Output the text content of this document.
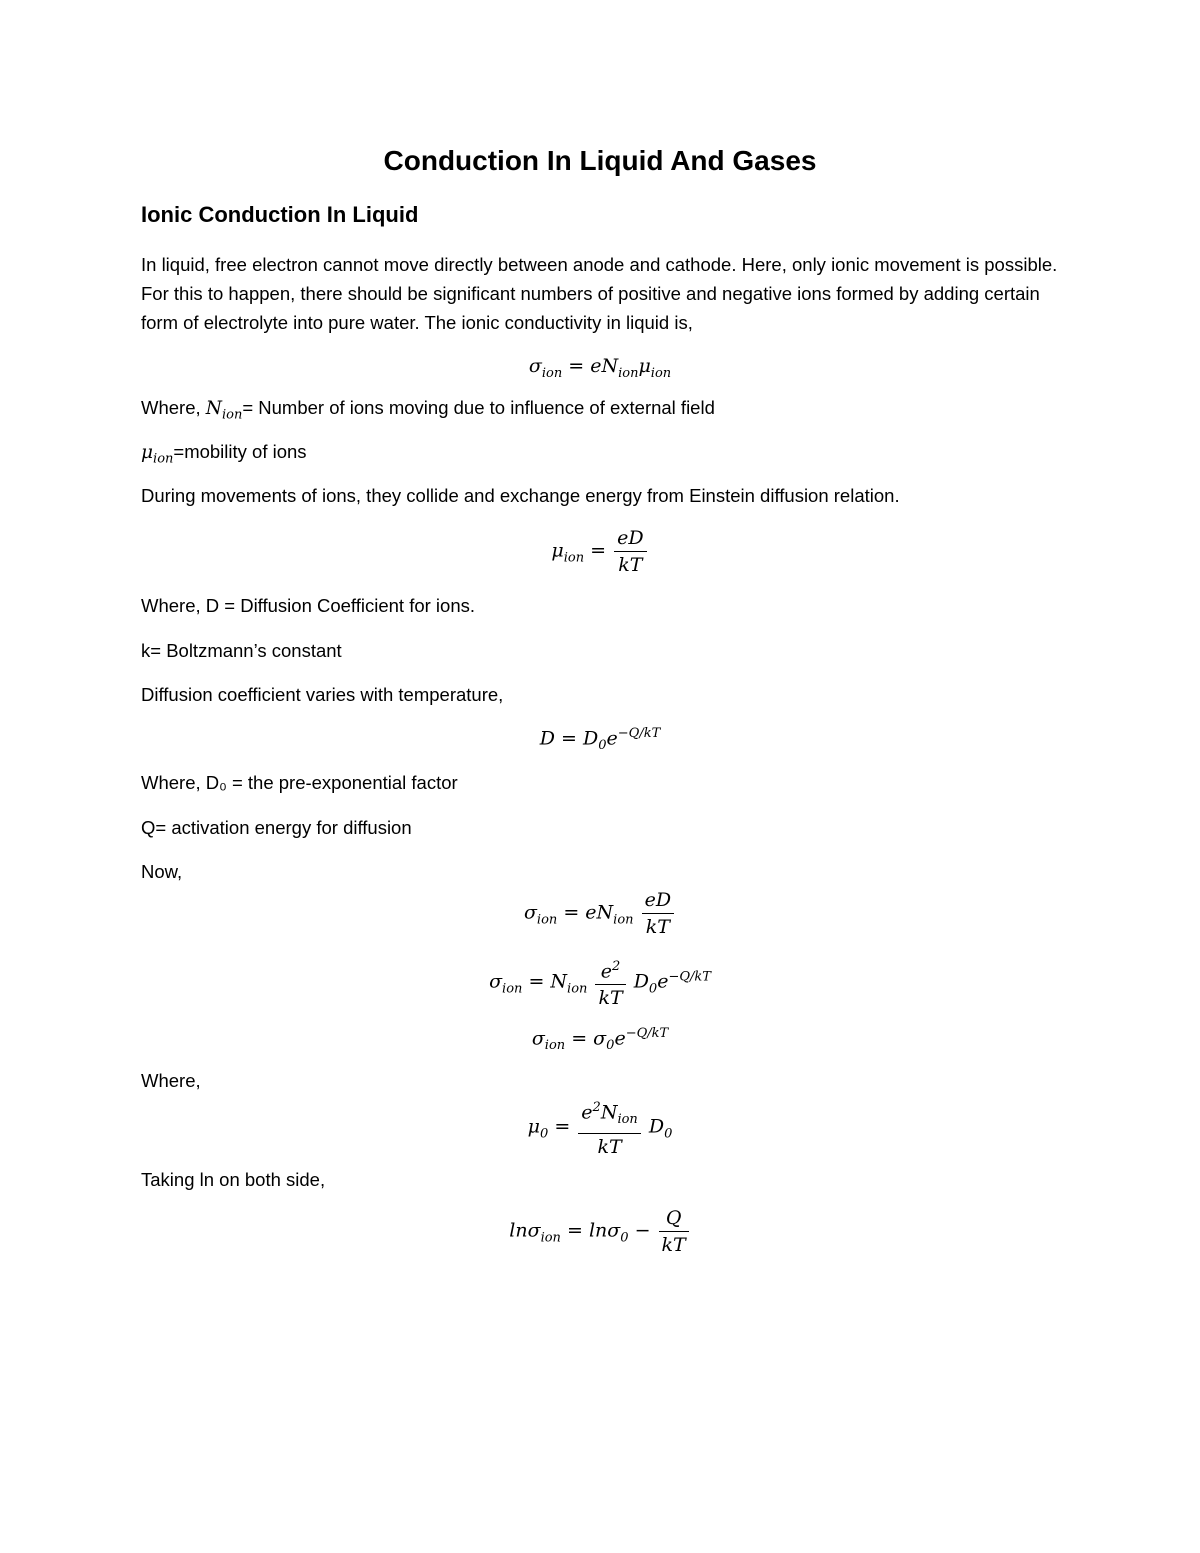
Conduction In Liquid And Gases
Ionic Conduction In Liquid
In liquid, free electron cannot move directly between anode and cathode. Here, only ionic movement is possible. For this to happen, there should be significant numbers of positive and negative ions formed by adding certain form of electrolyte into pure water. The ionic conductivity in liquid is,
$\sigma_{ion} = eN_{ion}\mu_{ion}$
Where, $N_{ion}=$ Number of ions moving due to influence of external field
$\mu_{ion}=mobility$ of ions
During movements of ions, they collide and exchange energy from Einstein diffusion relation.
$\mu_{ion} = \frac{eD}{kT}$
Where, D = Diffusion Coefficient for ions.
k= Boltzmann’s constant
Diffusion coefficient varies with temperature,
$D = D_0e^{-Q/kT}$
Where, D₀ = the pre-exponential factor
Q= activation energy for diffusion
Now,
$\sigma_{ion} = eN_{ion} \frac{eD}{kT}$
$\sigma_{ion} = N_{ion} \frac{e^2}{kT} D_0e^{-Q/kT}$
$\sigma_{ion} = \sigma_0e^{-Q/kT}$
Where,
$\mu_0 = \frac{e^2N_{ion}}{kT} D_0$
Taking ln on both side,
$\ln\sigma_{ion} = \ln\sigma_0 - \frac{Q}{kT}$
